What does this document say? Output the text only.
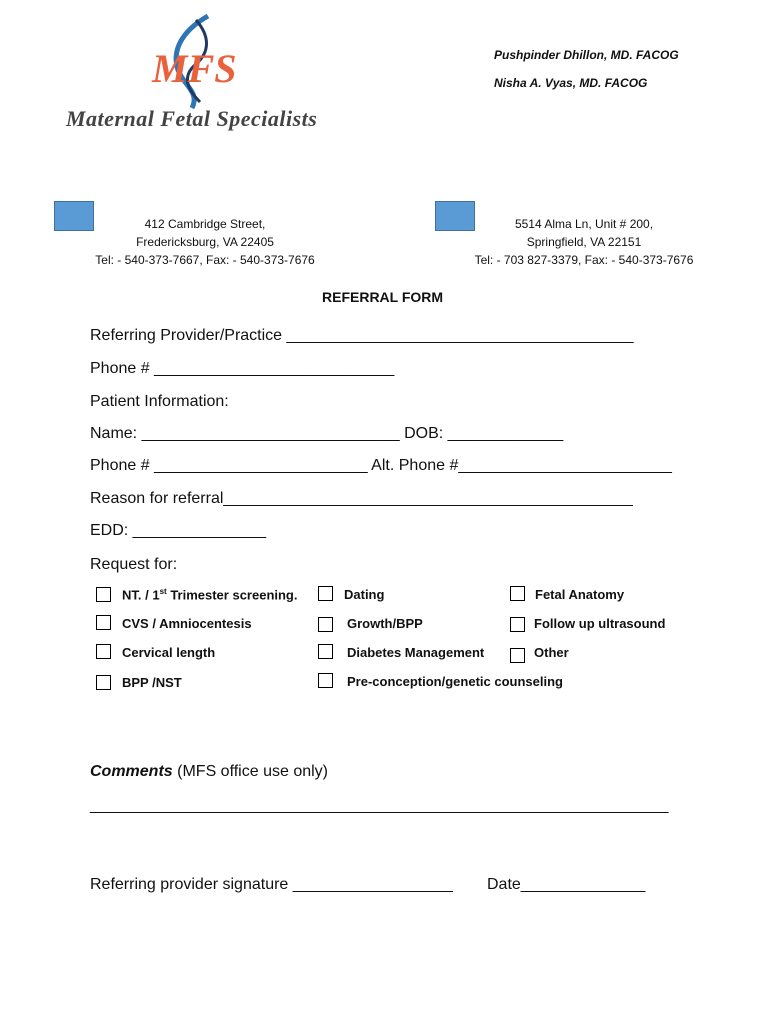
MFS
Maternal Fetal Specialists
Pushpinder Dhillon, MD. FACOG
Nisha A. Vyas, MD. FACOG
412 Cambridge Street,
Fredericksburg, VA 22405
Tel: - 540-373-7667, Fax: - 540-373-7676
5514 Alma Ln, Unit # 200,
Springfield, VA 22151
Tel: - 703 827-3379, Fax: - 540-373-7676
REFERRAL FORM
Referring Provider/Practice _______________________________________
Phone # ___________________________
Patient Information:
Name: _____________________________ DOB: _____________
Phone # ________________________ Alt. Phone #________________________
Reason for referral______________________________________________
EDD: _______________
Request for:
NT. / 1st Trimester screening.	Dating	Fetal Anatomy
CVS / Amniocentesis	Growth/BPP	Follow up ultrasound
Cervical length	Diabetes Management	Other
BPP /NST	Pre-conception/genetic counseling
Comments (MFS office use only)
_________________________________________________________________
Referring provider signature __________________ Date______________
